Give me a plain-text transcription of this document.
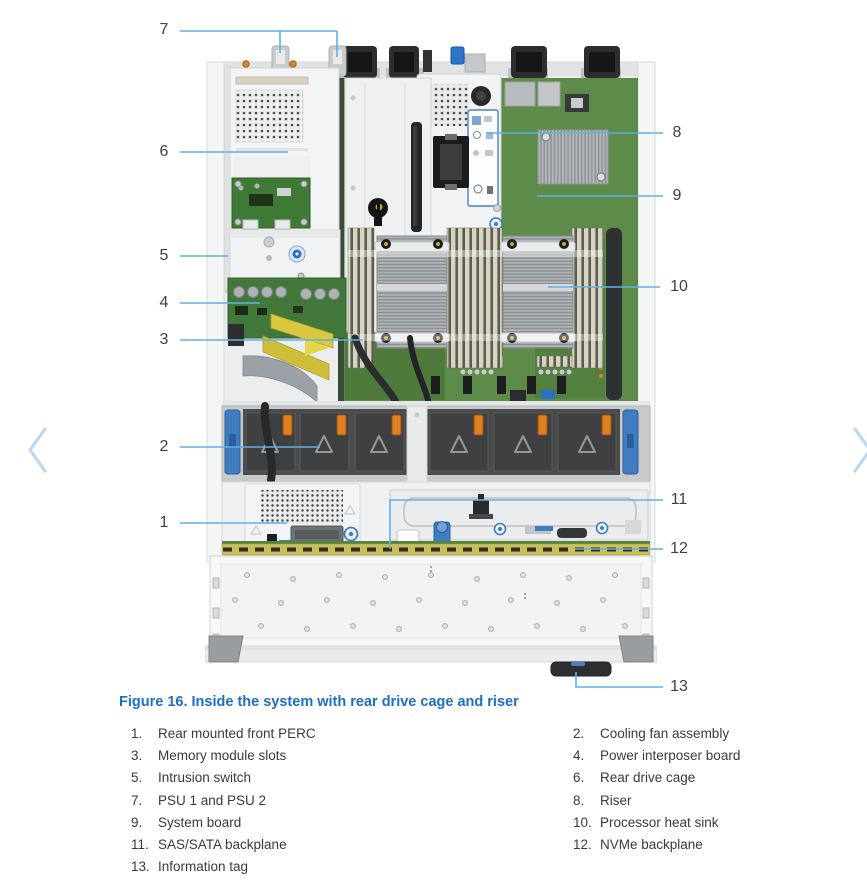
7
6
5
4
3
2
1
8
9
10
11
12
13
Figure 16. Inside the system with rear drive cage and riser
1.	Rear mounted front PERC
3.	Memory module slots
5.	Intrusion switch
7.	PSU 1 and PSU 2
9.	System board
11. SAS/SATA backplane
13. Information tag
2.	Cooling fan assembly
4.	Power interposer board
6.	Rear drive cage
8.	Riser
10. Processor heat sink
12. NVMe backplane
